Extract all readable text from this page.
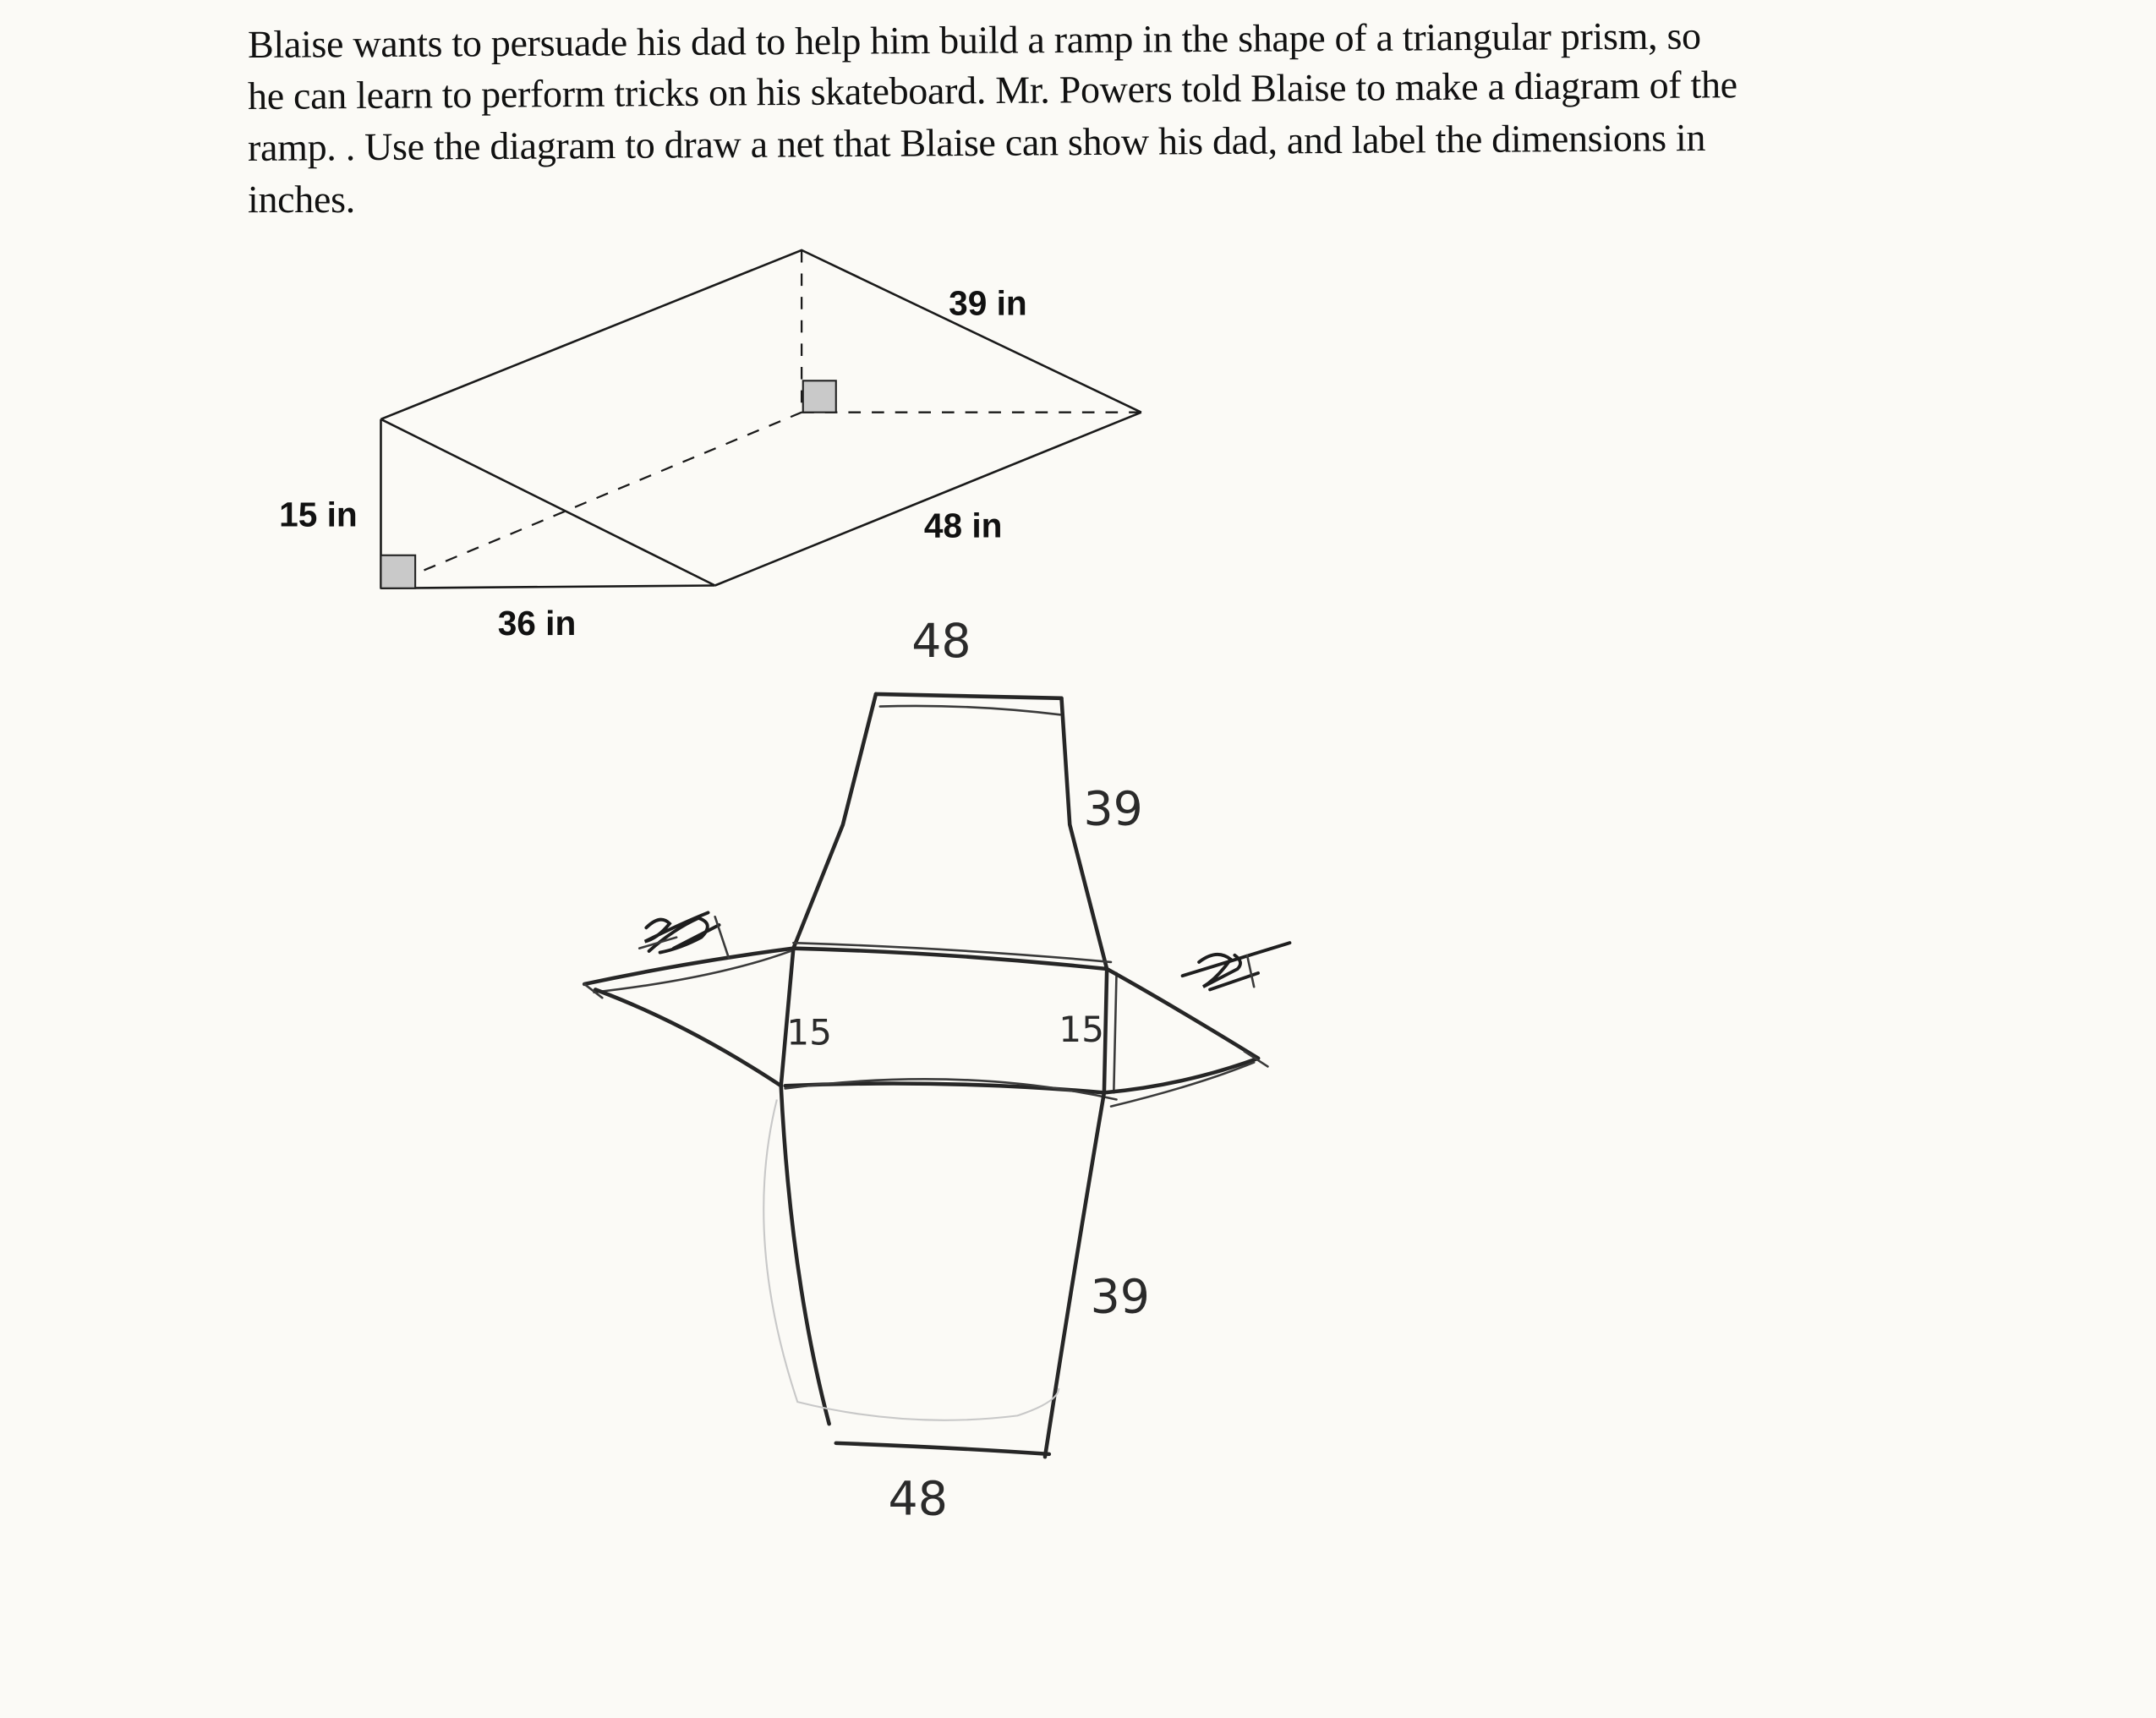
Blaise wants to persuade his dad to help him build a ramp in the shape of a triangular prism, so
he can learn to perform tricks on his skateboard. Mr. Powers told Blaise to make a diagram of the
ramp. . Use the diagram to draw a net that Blaise can show his dad, and label the dimensions in
inches.
39 in
15 in	48 in
36 in	48
39
15	15
39
48
